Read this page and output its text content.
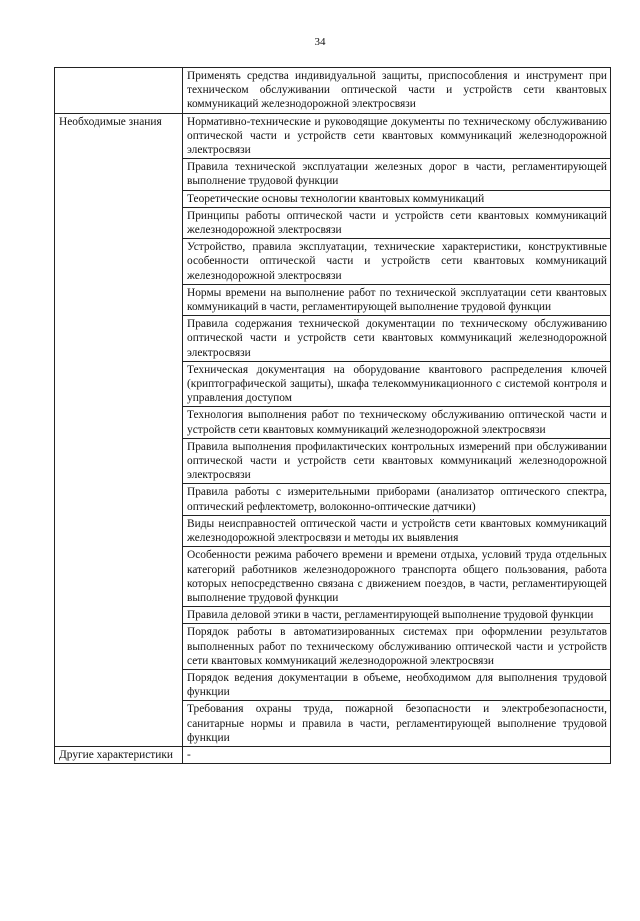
34
	Применять средства индивидуальной защиты, приспособления и инструмент при техническом обслуживании оптической части и устройств сети квантовых коммуникаций железнодорожной электросвязи
Необходимые знания	Нормативно-технические и руководящие документы по техническому обслуживанию оптической части и устройств сети квантовых коммуникаций железнодорожной электросвязи
	Правила технической эксплуатации железных дорог в части, регламентирующей выполнение трудовой функции
	Теоретические основы технологии квантовых коммуникаций
	Принципы работы оптической части и устройств сети квантовых коммуникаций железнодорожной электросвязи
	Устройство, правила эксплуатации, технические характеристики, конструктивные особенности оптической части и устройств сети квантовых коммуникаций железнодорожной электросвязи
	Нормы времени на выполнение работ по технической эксплуатации сети квантовых коммуникаций в части, регламентирующей выполнение трудовой функции
	Правила содержания технической документации по техническому обслуживанию оптической части и устройств сети квантовых коммуникаций железнодорожной электросвязи
	Техническая документация на оборудование квантового распределения ключей (криптографической защиты), шкафа телекоммуникационного с системой контроля и управления доступом
	Технология выполнения работ по техническому обслуживанию оптической части и устройств сети квантовых коммуникаций железнодорожной электросвязи
	Правила выполнения профилактических контрольных измерений при обслуживании оптической части и устройств сети квантовых коммуникаций железнодорожной электросвязи
	Правила работы с измерительными приборами (анализатор оптического спектра, оптический рефлектометр, волоконно-оптические датчики)
	Виды неисправностей оптической части и устройств сети квантовых коммуникаций железнодорожной электросвязи и методы их выявления
	Особенности режима рабочего времени и времени отдыха, условий труда отдельных категорий работников железнодорожного транспорта общего пользования, работа которых непосредственно связана с движением поездов, в части, регламентирующей выполнение трудовой функции
	Правила деловой этики в части, регламентирующей выполнение трудовой функции
	Порядок работы в автоматизированных системах при оформлении результатов выполненных работ по техническому обслуживанию оптической части и устройств сети квантовых коммуникаций железнодорожной электросвязи
	Порядок ведения документации в объеме, необходимом для выполнения трудовой функции
	Требования охраны труда, пожарной безопасности и электробезопасности, санитарные нормы и правила в части, регламентирующей выполнение трудовой функции
Другие характеристики	-
